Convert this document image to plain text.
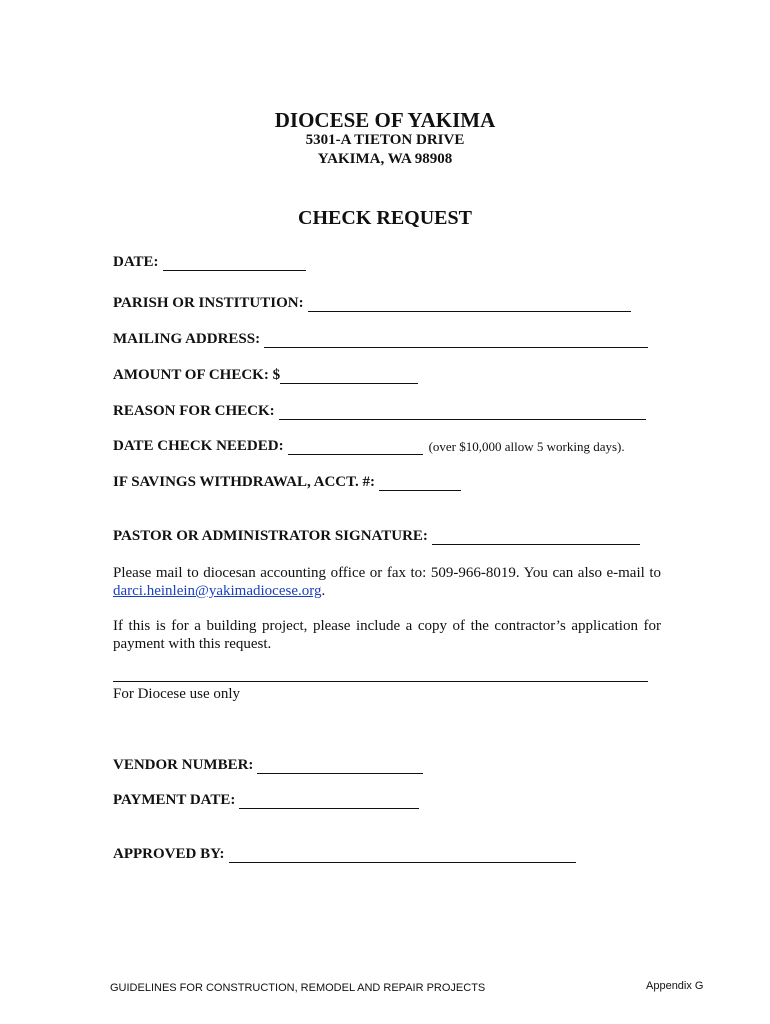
DIOCESE OF YAKIMA
5301-A TIETON DRIVE
YAKIMA, WA 98908
CHECK REQUEST
DATE:
PARISH OR INSTITUTION:
MAILING ADDRESS:
AMOUNT OF CHECK: $
REASON FOR CHECK:
DATE CHECK NEEDED:	(over $10,000 allow 5 working days).
IF SAVINGS WITHDRAWAL, ACCT. #:
PASTOR OR ADMINISTRATOR SIGNATURE:
Please mail to diocesan accounting office or fax to: 509-966-8019. You can also e-mail to darci.heinlein@yakimadiocese.org.
If this is for a building project, please include a copy of the contractor’s application for payment with this request.
For Diocese use only
VENDOR NUMBER:
PAYMENT DATE:
APPROVED BY:
GUIDELINES FOR CONSTRUCTION, REMODEL AND REPAIR PROJECTS	Appendix G
